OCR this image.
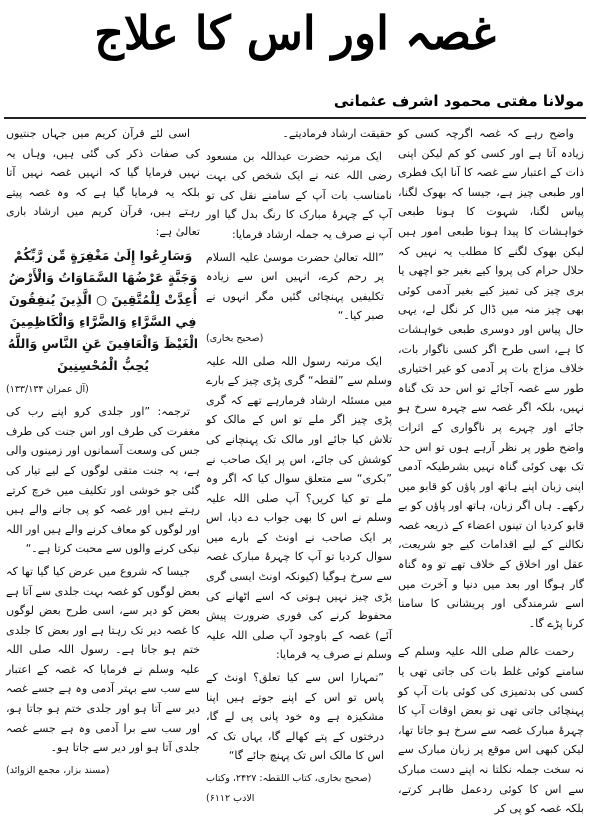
غصہ اور اس کا علاج
مولانا مفتی محمود اشرف عثمانی

واضح رہے کہ غصہ اگرچہ کسی کو زیادہ آتا ہے اور کسی کو کم لیکن اپنی ذات کے اعتبار سے غصہ کا آنا ایک فطری اور طبعی چیز ہے، جیسا کہ بھوک لگنا، پیاس لگنا، شہوت کا ہونا طبعی خواہشات کا پیدا ہونا طبعی امور ہیں لیکن بھوک لگنے کا مطلب یہ نہیں کہ حلال حرام کی پروا کیے بغیر جو اچھی یا بری چیز کی تمیز کیے بغیر آدمی کوئی بھی چیز منہ میں ڈال کر نگل لے، یہی حال پیاس اور دوسری طبعی خواہشات کا ہے، اسی طرح اگر کسی ناگوار بات، خلاف مزاج بات پر آدمی کو غیر اختیاری طور سے غصہ آجائے تو اس حد تک گناہ نہیں، بلکہ اگر غصہ سے چہرہ سرخ ہو جائے اور چہرے پر ناگواری کے اثرات واضح طور پر نظر آرہے ہوں تو اس حد تک بھی کوئی گناہ نہیں بشرطیکہ آدمی اپنی زبان اپنے ہاتھ اور پاؤں کو قابو میں رکھے۔ ہاں اگر زبان، ہاتھ اور پاؤں کو بے قابو کردیا ان تینوں اعضاء کے ذریعہ غصہ نکالنے کے لیے اقدامات کیے جو شریعت، عقل اور اخلاق کے خلاف تھے تو وہ گناہ گار ہوگا اور بعد میں دنیا و آخرت میں اسے شرمندگی اور پریشانی کا سامنا کرنا پڑے گا۔

رحمت عالم صلی اللہ علیہ وسلم کے سامنے کوئی غلط بات کی جاتی تھی یا کسی کی بدتمیزی کی کوئی بات آپ کو پہنچائی جاتی تھی تو بعض اوقات آپ کا چہرۂ مبارک غصہ سے سرخ ہو جاتا تھا، لیکن کبھی اس موقع پر زبان مبارک سے نہ سخت جملہ نکلتا نہ اپنے دست مبارک سے اس کا کوئی ردعمل ظاہر کرتے، بلکہ غصہ کو پی کر

حقیقت ارشاد فرمادیتے۔

ایک مرتبہ حضرت عبداللہ بن مسعود رضی اللہ عنہ نے ایک شخص کی بہت نامناسب بات آپ کے سامنے نقل کی تو آپ کے چہرۂ مبارک کا رنگ بدل گیا اور آپ نے صرف یہ جملہ ارشاد فرمایا:

”اللہ تعالیٰ حضرت موسیٰ علیہ السلام پر رحم کرے، انہیں اس سے زیادہ تکلیفیں پہنچائی گئیں مگر انہوں نے صبر کیا۔“

(صحیح بخاری)

ایک مرتبہ رسول اللہ صلی اللہ علیہ وسلم سے ”لقطہ“ گری پڑی چیز کے بارے میں مسئلہ ارشاد فرمارہے تھے کہ گری پڑی چیز اگر ملے تو اس کے مالک کو تلاش کیا جائے اور مالک تک پہنچانے کی کوشش کی جائے، اس پر ایک صاحب نے ”بکری“ سے متعلق سوال کیا کہ اگر وہ ملے تو کیا کریں؟ آپ صلی اللہ علیہ وسلم نے اس کا بھی جواب دے دیا، اس پر ایک صاحب نے اونٹ کے بارے میں سوال کردیا تو آپ کا چہرۂ مبارک غصہ سے سرخ ہوگیا (کیونکہ اونٹ ایسی گری پڑی چیز نہیں ہوتی کہ اسے اٹھانے کی محفوظ کرنے کی فوری ضرورت پیش آئے) غصہ کے باوجود آپ صلی اللہ علیہ وسلم نے صرف یہ فرمایا:

”تمہارا اس سے کیا تعلق؟ اونٹ کے پاس تو اس کے اپنے جوتے ہیں اپنا مشکیزہ ہے وہ خود پانی پی لے گا، درختوں کے پتے کھالے گا، یہاں تک کہ اس کا مالک اس تک پہنچ جائے گا“

(صحیح بخاری، کتاب اللقطہ: ۲۴۲۷، وکتاب الادب ۶۱۱۲)

اسی لئے قرآن کریم میں جہاں جنتیوں کی صفات ذکر کی گئی ہیں، وہاں یہ نہیں فرمایا گیا کہ انہیں غصہ نہیں آتا بلکہ یہ فرمایا گیا ہے کہ وہ غصہ پیتے رہتے ہیں، قرآن کریم میں ارشاد باری تعالیٰ ہے:

وَسَارِعُوا إِلَىٰ مَغْفِرَةٍ مِّن رَّبِّكُمْ وَجَنَّةٍ عَرْضُهَا السَّمَاوَاتُ وَالْأَرْضُ أُعِدَّتْ لِلْمُتَّقِينَ ○ الَّذِينَ يُنفِقُونَ فِي السَّرَّاءِ وَالضَّرَّاءِ وَالْكَاظِمِينَ الْغَيْظَ وَالْعَافِينَ عَنِ النَّاسِ وَاللَّهُ يُحِبُّ الْمُحْسِنِينَ

(آل عمران ۱۳۳/۱۳۴)

ترجمہ: ”اور جلدی کرو اپنے رب کی مغفرت کی طرف اور اس جنت کی طرف جس کی وسعت آسمانوں اور زمینوں والی ہے، یہ جنت متقی لوگوں کے لیے تیار کی گئی جو خوشی اور تکلیف میں خرچ کرتے رہتے ہیں اور غصہ کو پی جانے والے ہیں اور لوگوں کو معاف کرنے والے ہیں اور اللہ نیکی کرنے والوں سے محبت کرتا ہے۔“

جیسا کہ شروع میں عرض کیا گیا تھا کہ بعض لوگوں کو غصہ بہت جلدی سے آتا ہے بعض کو دیر سے، اسی طرح بعض لوگوں کا غصہ دیر تک رہتا ہے اور بعض کا جلدی ختم ہو جاتا ہے۔ رسول اللہ صلی اللہ علیہ وسلم نے فرمایا کہ غصہ کے اعتبار سے سب سے بہتر آدمی وہ ہے جسے غصہ دیر سے آتا ہو اور جلدی ختم ہو جاتا ہو، اور سب سے برا آدمی وہ ہے جسے غصہ جلدی آتا ہو اور دیر سے جاتا ہو۔

(مسند بزار، مجمع الزوائد)
